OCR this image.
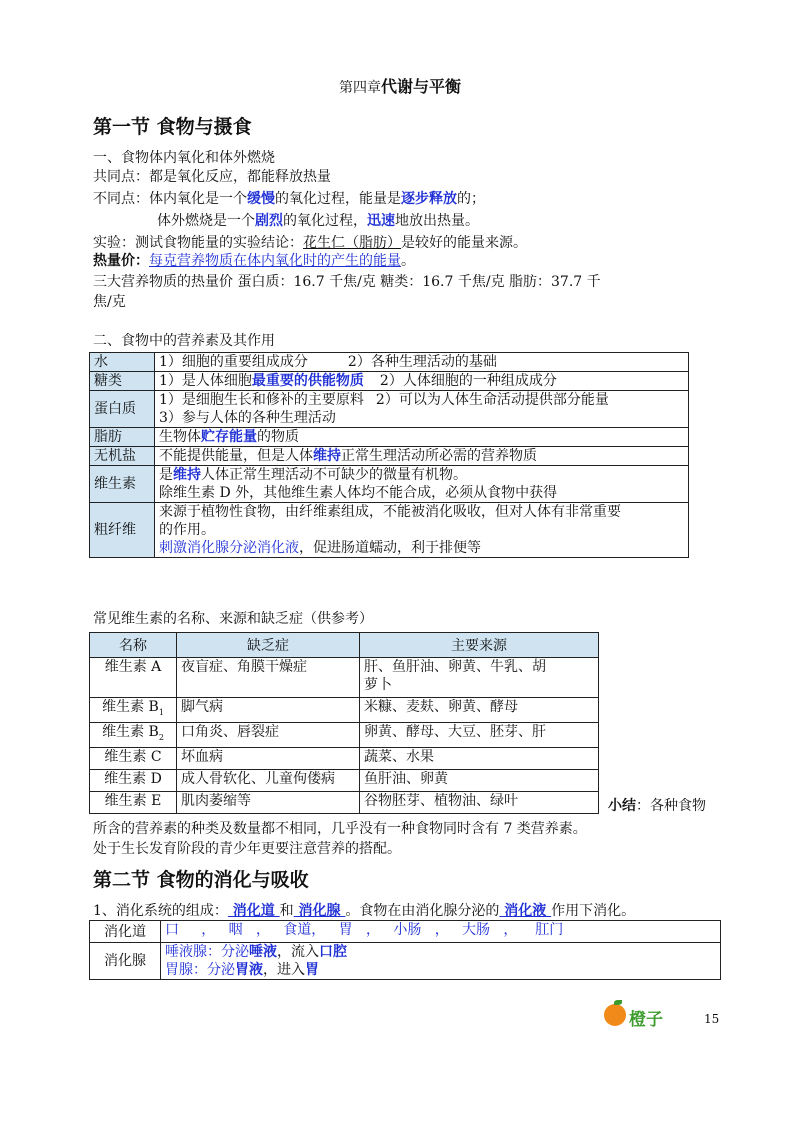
第四章代谢与平衡
第一节 食物与摄食
一、食物体内氧化和体外燃烧
共同点：都是氧化反应，都能释放热量
不同点：体内氧化是一个缓慢的氧化过程，能量是逐步释放的；
体外燃烧是一个剧烈的氧化过程，迅速地放出热量。
实验：测试食物能量的实验结论：花生仁（脂肪）是较好的能量来源。
热量价：每克营养物质在体内氧化时的产生的能量。
三大营养物质的热量价 蛋白质：16.7 千焦/克 糖类：16.7 千焦/克 脂肪：37.7 千
焦/克
二、食物中的营养素及其作用
水	1）细胞的重要组成成分 2）各种生理活动的基础
糖类	1）是人体细胞最重要的供能物质 2）人体细胞的一种组成成分
蛋白质	1）是细胞生长和修补的主要原料 2）可以为人体生命活动提供部分能量
3）参与人体的各种生理活动
脂肪	生物体贮存能量的物质
无机盐	不能提供能量，但是人体维持正常生理活动所必需的营养物质
维生素	是维持人体正常生理活动不可缺少的微量有机物。
除维生素 D 外，其他维生素人体均不能合成，必须从食物中获得
粗纤维	来源于植物性食物，由纤维素组成，不能被消化吸收，但对人体有非常重要
的作用。
刺激消化腺分泌消化液，促进肠道蠕动，利于排便等
常见维生素的名称、来源和缺乏症（供参考）
名称	缺乏症	主要来源
维生素 A	夜盲症、角膜干燥症	肝、鱼肝油、卵黄、牛乳、胡
萝卜
维生素 $B_1$	脚气病	米糠、麦麸、卵黄、酵母
维生素 $B_2$	口角炎、唇裂症	卵黄、酵母、大豆、胚芽、肝
维生素 C	坏血病	蔬菜、水果
维生素 D	成人骨软化、儿童佝偻病	鱼肝油、卵黄
维生素 E	肌肉萎缩等	谷物胚芽、植物油、绿叶	小结：各种食物
所含的营养素的种类及数量都不相同，几乎没有一种食物同时含有 7 类营养素。
处于生长发育阶段的青少年更要注意营养的搭配。
第二节 食物的消化与吸收
1、消化系统的组成： 消化道 和 消化腺 。食物在由消化腺分泌的 消化液 作用下消化。
消化道	口     ，   咽   ，   食道，   胃   ，   小肠   ，   大肠   ，    肛门
消化腺	唾液腺：分泌唾液，流入口腔
胃腺：分泌胃液，进入胃
橙子	15
